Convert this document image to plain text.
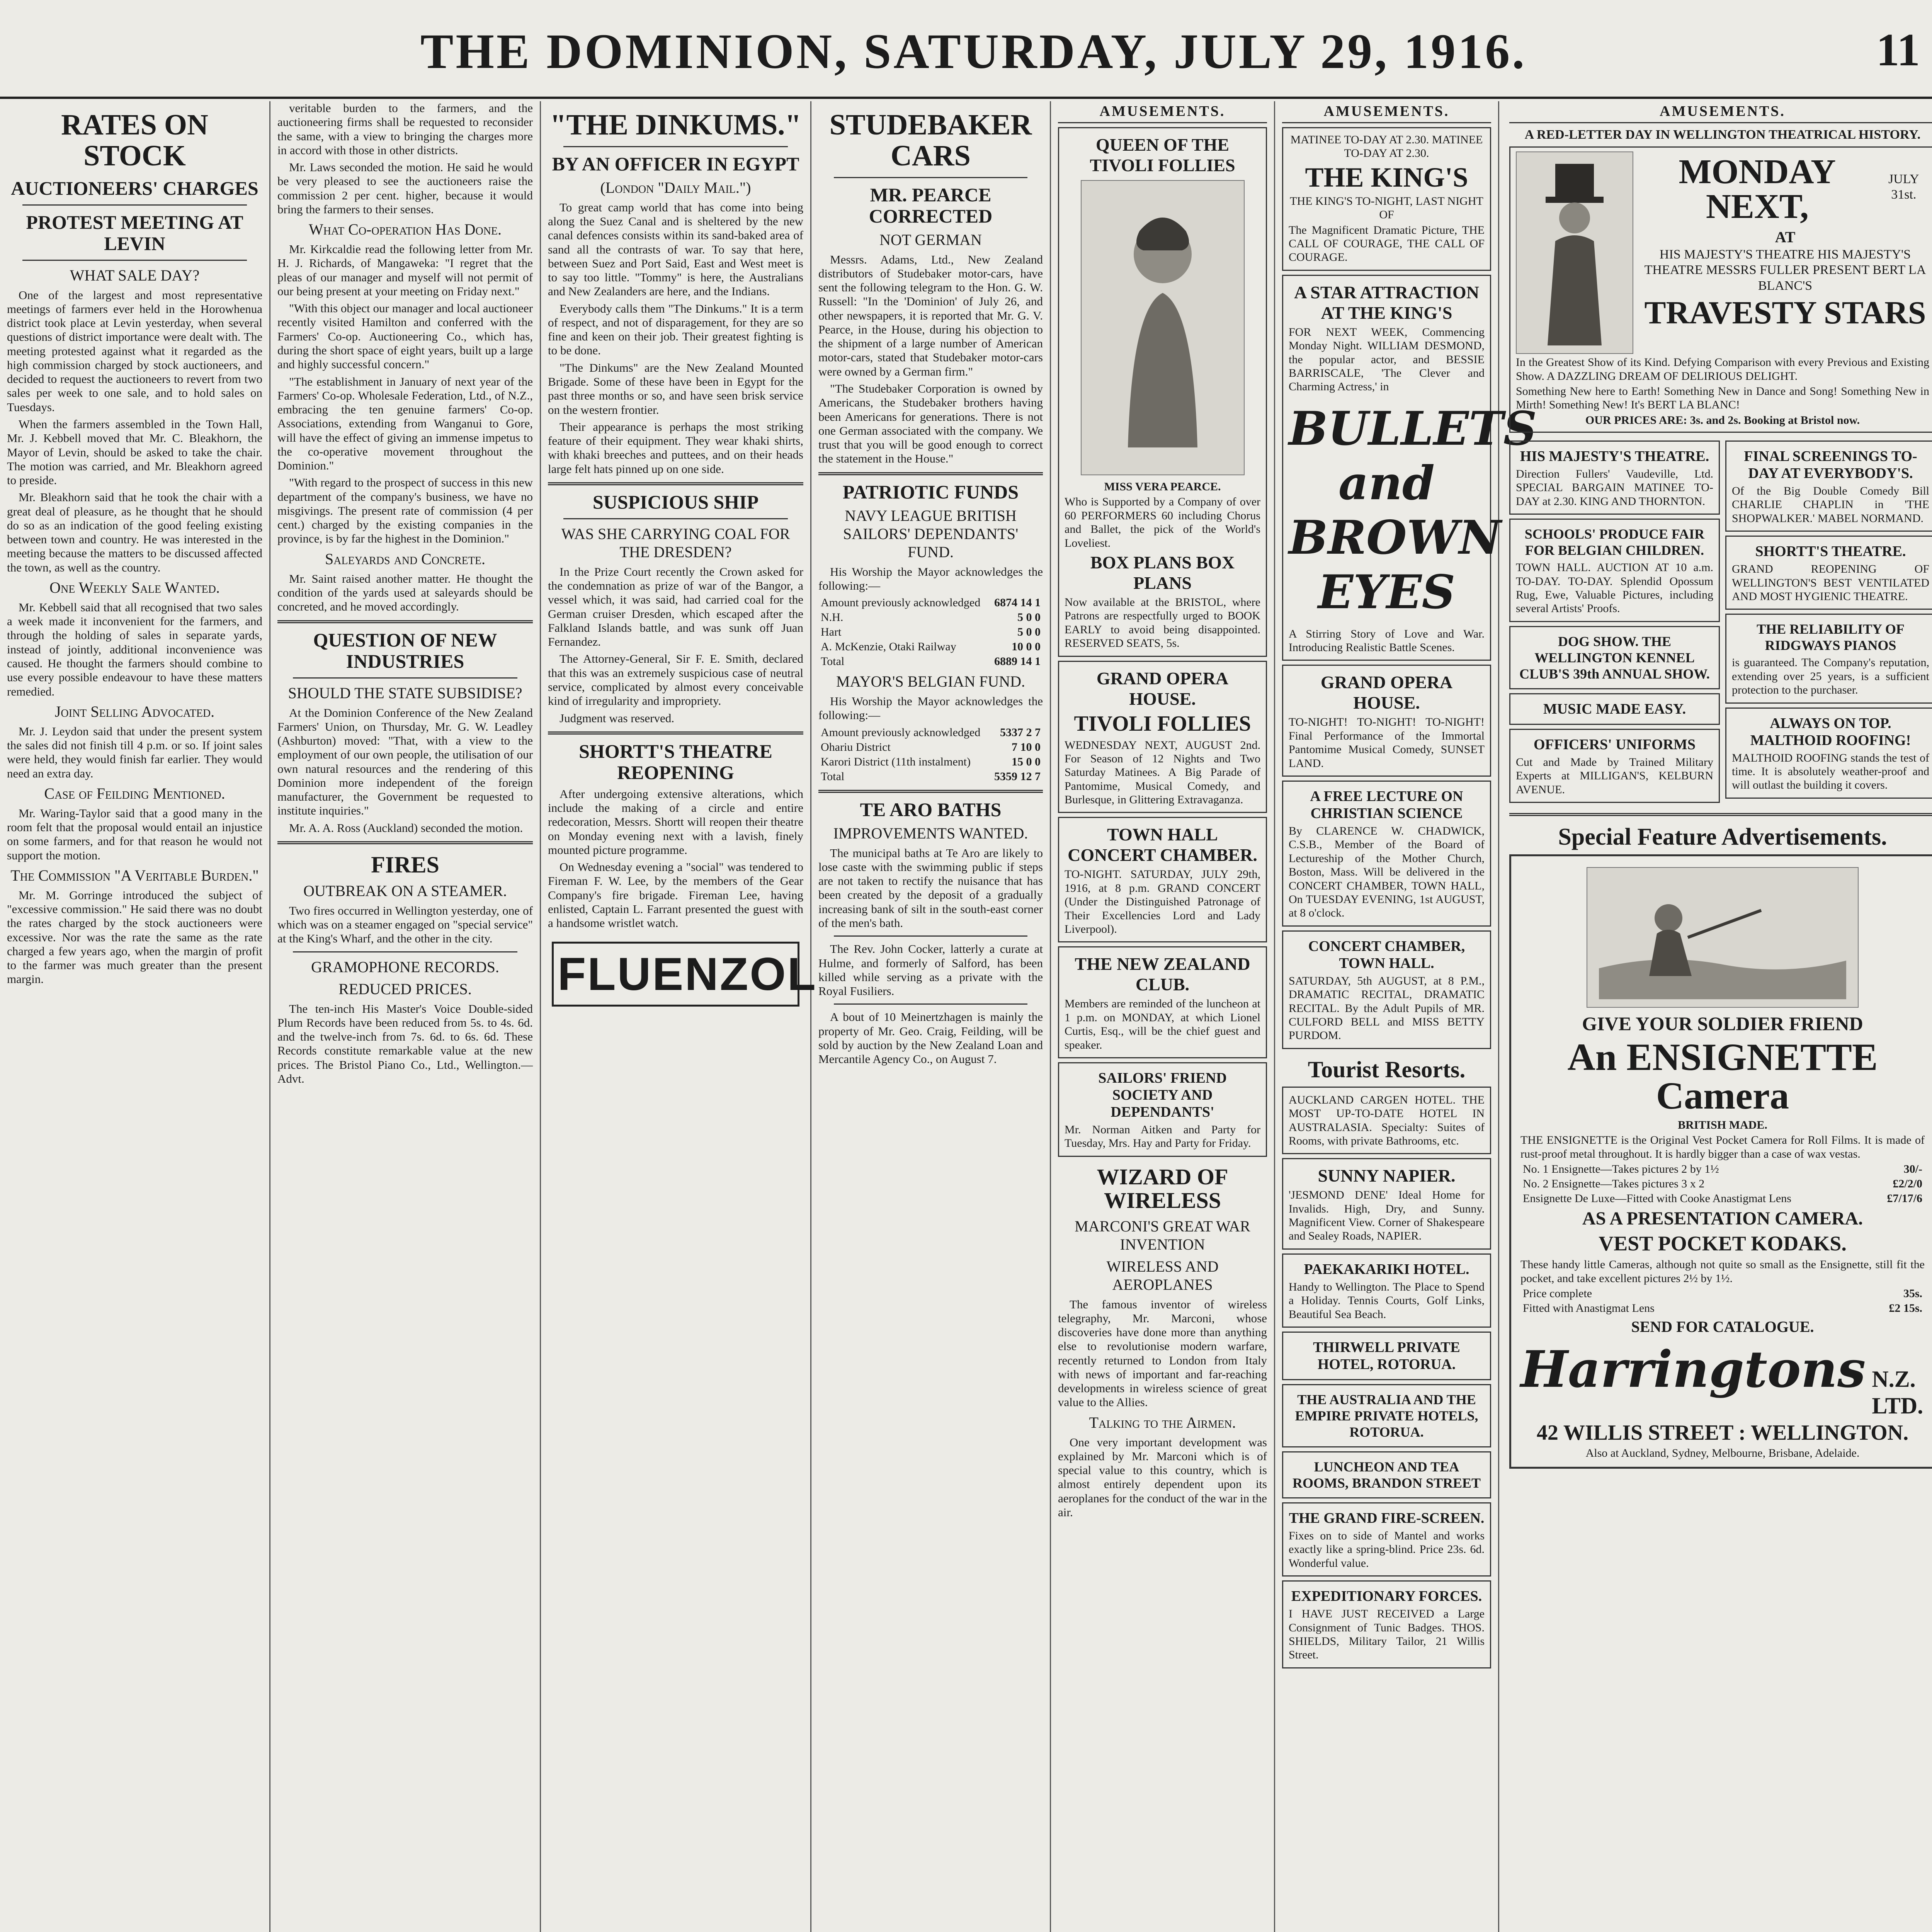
THE DOMINION, SATURDAY, JULY 29, 1916.	11
RATES ON STOCK
AUCTIONEERS' CHARGES
PROTEST MEETING AT LEVIN
WHAT SALE DAY?

One of the largest and most representative meetings of farmers ever held in the Horowhenua district took place at Levin yesterday, when several questions of district importance were dealt with. The meeting protested against what it regarded as the high commission charged by stock auctioneers, and decided to request the auctioneers to revert from two sales per week to one sale, and to hold sales on Tuesdays.

When the farmers assembled in the Town Hall, Mr. J. Kebbell moved that Mr. C. Bleakhorn, the Mayor of Levin, should be asked to take the chair. The motion was carried, and Mr. Bleakhorn agreed to preside.

Mr. Bleakhorn said that he took the chair with a great deal of pleasure, as he thought that he should do so as an indication of the good feeling existing between town and country. He was interested in the meeting because the matters to be discussed affected the town, as well as the country.

One Weekly Sale Wanted.

Mr. Kebbell said that all recognised that two sales a week made it inconvenient for the farmers, and through the holding of sales in separate yards, instead of jointly, additional inconvenience was caused. He thought the farmers should combine to use every possible endeavour to have these matters remedied.

Joint Selling Advocated.

Mr. J. Leydon said that under the present system the sales did not finish till 4 p.m. or so. If joint sales were held, they would finish far earlier. They would need an extra day.

Case of Feilding Mentioned.

Mr. Waring-Taylor said that a good many in the room felt that the proposal would entail an injustice on some farmers, and for that reason he would not support the motion.

The Commission "A Veritable Burden."

Mr. M. Gorringe introduced the subject of "excessive commission." He said there was no doubt the rates charged by the stock auctioneers were excessive. Nor was the rate the same as the rate charged a few years ago, when the margin of profit to the farmer was much greater than the present margin.

veritable burden to the farmers, and the auctioneering firms shall be requested to reconsider the same, with a view to bringing the charges more in accord with those in other districts.

Mr. Laws seconded the motion. He said he would be very pleased to see the auctioneers raise the commission 2 per cent. higher, because it would bring the farmers to their senses.

What Co-operation Has Done.

Mr. Kirkcaldie read the following letter from Mr. H. J. Richards, of Mangaweka: "I regret that the pleas of our manager and myself will not permit of our being present at your meeting on Friday next."

"With this object our manager and local auctioneer recently visited Hamilton and conferred with the Farmers' Co-op. Auctioneering Co., which has, during the short space of eight years, built up a large and highly successful concern."

"The establishment in January of next year of the Farmers' Co-op. Wholesale Federation, Ltd., of N.Z., embracing the ten genuine farmers' Co-op. Associations, extending from Wanganui to Gore, will have the effect of giving an immense impetus to the co-operative movement throughout the Dominion."

"With regard to the prospect of success in this new department of the company's business, we have no misgivings. The present rate of commission (4 per cent.) charged by the existing companies in the province, is by far the highest in the Dominion."

Saleyards and Concrete.

Mr. Saint raised another matter. He thought the condition of the yards used at saleyards should be concreted, and he moved accordingly.

QUESTION OF NEW INDUSTRIES
SHOULD THE STATE SUBSIDISE?

At the Dominion Conference of the New Zealand Farmers' Union, on Thursday, Mr. G. W. Leadley (Ashburton) moved: "That, with a view to the employment of our own people, the utilisation of our own natural resources and the rendering of this Dominion more independent of the foreign manufacturer, the Government be requested to institute inquiries."

Mr. A. A. Ross (Auckland) seconded the motion.

FIRES
OUTBREAK ON A STEAMER.

Two fires occurred in Wellington yesterday, one of which was on a steamer engaged on "special service" at the King's Wharf, and the other in the city.

GRAMOPHONE RECORDS.
REDUCED PRICES.

The ten-inch His Master's Voice Double-sided Plum Records have been reduced from 5s. to 4s. 6d. and the twelve-inch from 7s. 6d. to 6s. 6d. These Records constitute remarkable value at the new prices. The Bristol Piano Co., Ltd., Wellington.—Advt.

"THE DINKUMS."
BY AN OFFICER IN EGYPT
(London "Daily Mail.")

To great camp world that has come into being along the Suez Canal and is sheltered by the new canal defences consists within its sand-baked area of sand all the contrasts of war. To say that here, between Suez and Port Said, East and West meet is to say too little. "Tommy" is here, the Australians and New Zealanders are here, and the Indians.

Everybody calls them "The Dinkums." It is a term of respect, and not of disparagement, for they are so fine and keen on their job. Their greatest fighting is to be done.

"The Dinkums" are the New Zealand Mounted Brigade. Some of these have been in Egypt for the past three months or so, and have seen brisk service on the western frontier.

Their appearance is perhaps the most striking feature of their equipment. They wear khaki shirts, with khaki breeches and puttees, and on their heads large felt hats pinned up on one side.

SUSPICIOUS SHIP
WAS SHE CARRYING COAL FOR THE DRESDEN?

In the Prize Court recently the Crown asked for the condemnation as prize of war of the Bangor, a vessel which, it was said, had carried coal for the German cruiser Dresden, which escaped after the Falkland Islands battle, and was sunk off Juan Fernandez.

The Attorney-General, Sir F. E. Smith, declared that this was an extremely suspicious case of neutral service, complicated by almost every conceivable kind of irregularity and impropriety.

Judgment was reserved.

SHORTT'S THEATRE REOPENING

After undergoing extensive alterations, which include the making of a circle and entire redecoration, Messrs. Shortt will reopen their theatre on Monday evening next with a lavish, finely mounted picture programme.

On Wednesday evening a "social" was tendered to Fireman F. W. Lee, by the members of the Gear Company's fire brigade. Fireman Lee, having enlisted, Captain L. Farrant presented the guest with a handsome wristlet watch.

FLUENZOL
STUDEBAKER CARS
MR. PEARCE CORRECTED
NOT GERMAN

Messrs. Adams, Ltd., New Zealand distributors of Studebaker motor-cars, have sent the following telegram to the Hon. G. W. Russell: "In the 'Dominion' of July 26, and other newspapers, it is reported that Mr. G. V. Pearce, in the House, during his objection to the shipment of a large number of American motor-cars, stated that Studebaker motor-cars were owned by a German firm."

"The Studebaker Corporation is owned by Americans, the Studebaker brothers having been Americans for generations. There is not one German associated with the company. We trust that you will be good enough to correct the statement in the House."

PATRIOTIC FUNDS
NAVY LEAGUE BRITISH SAILORS' DEPENDANTS' FUND.

His Worship the Mayor acknowledges the following:—

Amount previously acknowledged 6874 14 1
N.H.	5 0 0
Hart	5 0 0
A. McKenzie, Otaki Railway	10 0 0
Total	6889 14 1
MAYOR'S BELGIAN FUND.

His Worship the Mayor acknowledges the following:—

Amount previously acknowledged 5337 2 7
Ohariu District	7 10 0
Karori District (11th instalment)	15 0 0
Total	5359 12 7
TE ARO BATHS
IMPROVEMENTS WANTED.

The municipal baths at Te Aro are likely to lose caste with the swimming public if steps are not taken to rectify the nuisance that has been created by the deposit of a gradually increasing bank of silt in the south-east corner of the men's bath.

The Rev. John Cocker, latterly a curate at Hulme, and formerly of Salford, has been killed while serving as a private with the Royal Fusiliers.

A bout of 10 Meinertzhagen is mainly the property of Mr. Geo. Craig, Feilding, will be sold by auction by the New Zealand Loan and Mercantile Agency Co., on August 7.

AMUSEMENTS.
QUEEN OF THE TIVOLI FOLLIES
MISS VERA PEARCE.
Who is Supported by a Company of over 60 PERFORMERS 60 including Chorus and Ballet, the pick of the World's Loveliest.
BOX PLANS BOX PLANS
Now available at the BRISTOL, where Patrons are respectfully urged to BOOK EARLY to avoid being disappointed. RESERVED SEATS, 5s.
GRAND OPERA HOUSE.
TIVOLI FOLLIES
WEDNESDAY NEXT, AUGUST 2nd. For Season of 12 Nights and Two Saturday Matinees. A Big Parade of Pantomime, Musical Comedy, and Burlesque, in Glittering Extravaganza.
TOWN HALL CONCERT CHAMBER.
TO-NIGHT. SATURDAY, JULY 29th, 1916, at 8 p.m. GRAND CONCERT (Under the Distinguished Patronage of Their Excellencies Lord and Lady Liverpool).
THE NEW ZEALAND CLUB.
Members are reminded of the luncheon at 1 p.m. on MONDAY, at which Lionel Curtis, Esq., will be the chief guest and speaker.
SAILORS' FRIEND SOCIETY AND DEPENDANTS'
Mr. Norman Aitken and Party for Tuesday, Mrs. Hay and Party for Friday.
WIZARD OF WIRELESS
MARCONI'S GREAT WAR INVENTION
WIRELESS AND AEROPLANES

The famous inventor of wireless telegraphy, Mr. Marconi, whose discoveries have done more than anything else to revolutionise modern warfare, recently returned to London from Italy with news of important and far-reaching developments in wireless science of great value to the Allies.

Talking to the Airmen.

One very important development was explained by Mr. Marconi which is of special value to this country, which is almost entirely dependent upon its aeroplanes for the conduct of the war in the air.

AMUSEMENTS.
MATINEE TO-DAY AT 2.30. MATINEE TO-DAY AT 2.30.
THE KING'S
THE KING'S TO-NIGHT, LAST NIGHT OF
The Magnificent Dramatic Picture, THE CALL OF COURAGE, THE CALL OF COURAGE.
A STAR ATTRACTION AT THE KING'S
FOR NEXT WEEK, Commencing Monday Night. WILLIAM DESMOND, the popular actor, and BESSIE BARRISCALE, 'The Clever and Charming Actress,' in
BULLETS and BROWN EYES
A Stirring Story of Love and War. Introducing Realistic Battle Scenes.
GRAND OPERA HOUSE.
TO-NIGHT! TO-NIGHT! TO-NIGHT! Final Performance of the Immortal Pantomime Musical Comedy, SUNSET LAND.
A FREE LECTURE ON CHRISTIAN SCIENCE
By CLARENCE W. CHADWICK, C.S.B., Member of the Board of Lectureship of the Mother Church, Boston, Mass. Will be delivered in the CONCERT CHAMBER, TOWN HALL, On TUESDAY EVENING, 1st AUGUST, at 8 o'clock.
CONCERT CHAMBER, TOWN HALL.
SATURDAY, 5th AUGUST, at 8 P.M., DRAMATIC RECITAL, DRAMATIC RECITAL. By the Adult Pupils of MR. CULFORD BELL and MISS BETTY PURDOM.
Tourist Resorts.
AUCKLAND CARGEN HOTEL. THE MOST UP-TO-DATE HOTEL IN AUSTRALASIA. Specialty: Suites of Rooms, with private Bathrooms, etc.
SUNNY NAPIER.
'JESMOND DENE' Ideal Home for Invalids. High, Dry, and Sunny. Magnificent View. Corner of Shakespeare and Sealey Roads, NAPIER.
PAEKAKARIKI HOTEL.
Handy to Wellington. The Place to Spend a Holiday. Tennis Courts, Golf Links, Beautiful Sea Beach.
THIRWELL PRIVATE HOTEL, ROTORUA.
THE AUSTRALIA AND THE EMPIRE PRIVATE HOTELS, ROTORUA.
LUNCHEON AND TEA ROOMS, BRANDON STREET
THE GRAND FIRE-SCREEN.
Fixes on to side of Mantel and works exactly like a spring-blind. Price 23s. 6d. Wonderful value.
EXPEDITIONARY FORCES.
I HAVE JUST RECEIVED a Large Consignment of Tunic Badges. THOS. SHIELDS, Military Tailor, 21 Willis Street.
AMUSEMENTS.
A RED-LETTER DAY IN WELLINGTON THEATRICAL HISTORY.
MONDAY NEXT,
JULY 31st.
AT
HIS MAJESTY'S THEATRE HIS MAJESTY'S THEATRE MESSRS FULLER PRESENT BERT LA BLANC'S
TRAVESTY STARS
In the Greatest Show of its Kind. Defying Comparison with every Previous and Existing Show. A DAZZLING DREAM OF DELIRIOUS DELIGHT.
Something New here to Earth! Something New in Dance and Song! Something New in Mirth! Something New! It's BERT LA BLANC!
OUR PRICES ARE: 3s. and 2s. Booking at Bristol now.
HIS MAJESTY'S THEATRE.
Direction Fullers' Vaudeville, Ltd. SPECIAL BARGAIN MATINEE TO-DAY at 2.30. KING AND THORNTON.
SCHOOLS' PRODUCE FAIR FOR BELGIAN CHILDREN.
TOWN HALL. AUCTION AT 10 a.m. TO-DAY. TO-DAY. Splendid Opossum Rug, Ewe, Valuable Pictures, including several Artists' Proofs.
DOG SHOW. THE WELLINGTON KENNEL CLUB'S 39th ANNUAL SHOW.
MUSIC MADE EASY.
OFFICERS' UNIFORMS
Cut and Made by Trained Military Experts at MILLIGAN'S, KELBURN AVENUE.
FINAL SCREENINGS TO-DAY AT EVERYBODY'S.
Of the Big Double Comedy Bill CHARLIE CHAPLIN in 'THE SHOPWALKER.' MABEL NORMAND.
SHORTT'S THEATRE.
GRAND REOPENING OF WELLINGTON'S BEST VENTILATED AND MOST HYGIENIC THEATRE.
THE RELIABILITY OF RIDGWAYS PIANOS
is guaranteed. The Company's reputation, extending over 25 years, is a sufficient protection to the purchaser.
ALWAYS ON TOP. MALTHOID ROOFING!
MALTHOID ROOFING stands the test of time. It is absolutely weather-proof and will outlast the building it covers.
Special Feature Advertisements.
GIVE YOUR SOLDIER FRIEND
An ENSIGNETTE Camera
BRITISH MADE.
THE ENSIGNETTE is the Original Vest Pocket Camera for Roll Films. It is made of rust-proof metal throughout. It is hardly bigger than a case of wax vestas.
No. 1 Ensignette—Takes pictures 2 by 1½	30/-
No. 2 Ensignette—Takes pictures 3 x 2	£2/2/0
Ensignette De Luxe—Fitted with Cooke Anastigmat Lens	£7/17/6
AS A PRESENTATION CAMERA.
VEST POCKET KODAKS.
These handy little Cameras, although not quite so small as the Ensignette, still fit the pocket, and take excellent pictures 2½ by 1½.
Price complete	35s.
Fitted with Anastigmat Lens	£2 15s.
SEND FOR CATALOGUE.
Harringtons N.Z. LTD.
42 WILLIS STREET : WELLINGTON.
Also at Auckland, Sydney, Melbourne, Brisbane, Adelaide.
